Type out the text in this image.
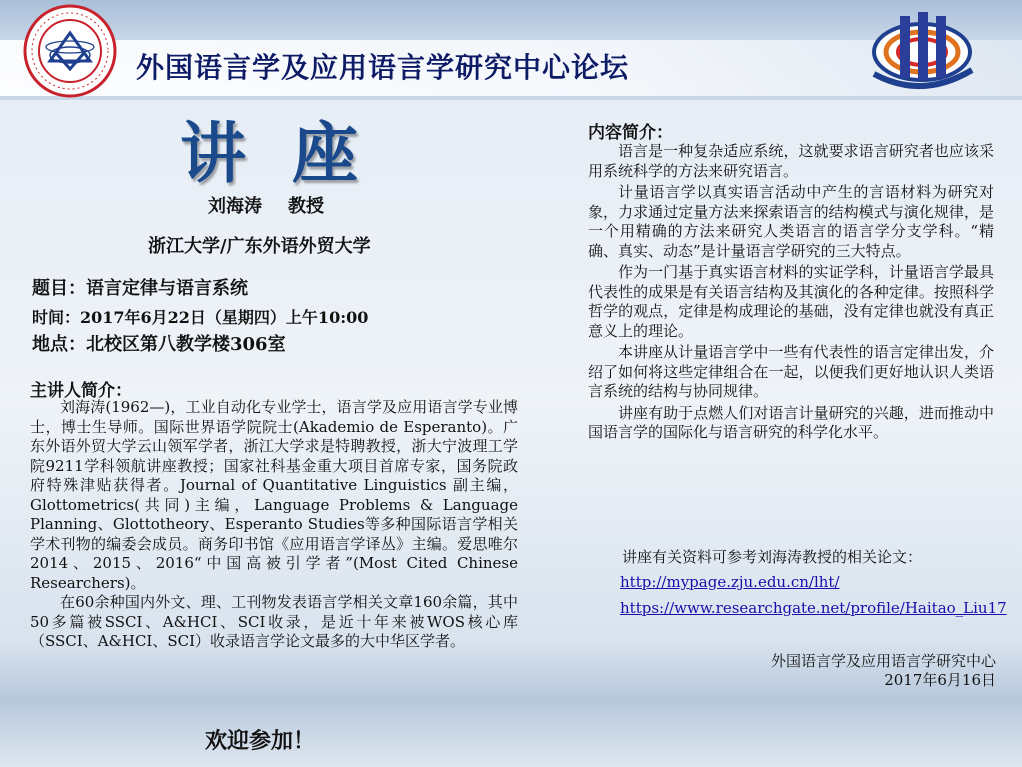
外国语言学及应用语言学研究中心论坛
讲座
刘海涛 教授
浙江大学/广东外语外贸大学
题目：语言定律与语言系统
时间：2017年6月22日（星期四）上午10:00
地点：北校区第八教学楼306室
主讲人简介：

刘海涛(1962—)，工业自动化专业学士，语言学及应用语言学专业博士，博士生导师。国际世界语学院院士(Akademio de Esperanto)。广东外语外贸大学云山领军学者，浙江大学求是特聘教授，浙大宁波理工学院9211学科领航讲座教授；国家社科基金重大项目首席专家，国务院政府特殊津贴获得者。Journal of Quantitative Linguistics 副主编，Glottometrics(共同)主编，Language Problems & Language Planning、Glottotheory、Esperanto Studies等多种国际语言学相关学术刊物的编委会成员。商务印书馆《应用语言学译丛》主编。爱思唯尔2014、2015、2016“中国高被引学者”(Most Cited Chinese Researchers)。

在60余种国内外文、理、工刊物发表语言学相关文章160余篇，其中50多篇被SSCI、A&HCI、SCI收录，是近十年来被WOS核心库（SSCI、A&HCI、SCI）收录语言学论文最多的大中华区学者。

内容简介：

语言是一种复杂适应系统，这就要求语言研究者也应该采用系统科学的方法来研究语言。

计量语言学以真实语言活动中产生的言语材料为研究对象，力求通过定量方法来探索语言的结构模式与演化规律，是一个用精确的方法来研究人类语言的语言学分支学科。“精确、真实、动态”是计量语言学研究的三大特点。

作为一门基于真实语言材料的实证学科，计量语言学最具代表性的成果是有关语言结构及其演化的各种定律。按照科学哲学的观点，定律是构成理论的基础，没有定律也就没有真正意义上的理论。

本讲座从计量语言学中一些有代表性的语言定律出发，介绍了如何将这些定律组合在一起，以便我们更好地认识人类语言系统的结构与协同规律。

讲座有助于点燃人们对语言计量研究的兴趣，进而推动中国语言学的国际化与语言研究的科学化水平。

讲座有关资料可参考刘海涛教授的相关论文：
http://mypage.zju.edu.cn/lht/
https://www.researchgate.net/profile/Haitao_Liu17
外国语言学及应用语言学研究中心
2017年6月16日
欢迎参加！
